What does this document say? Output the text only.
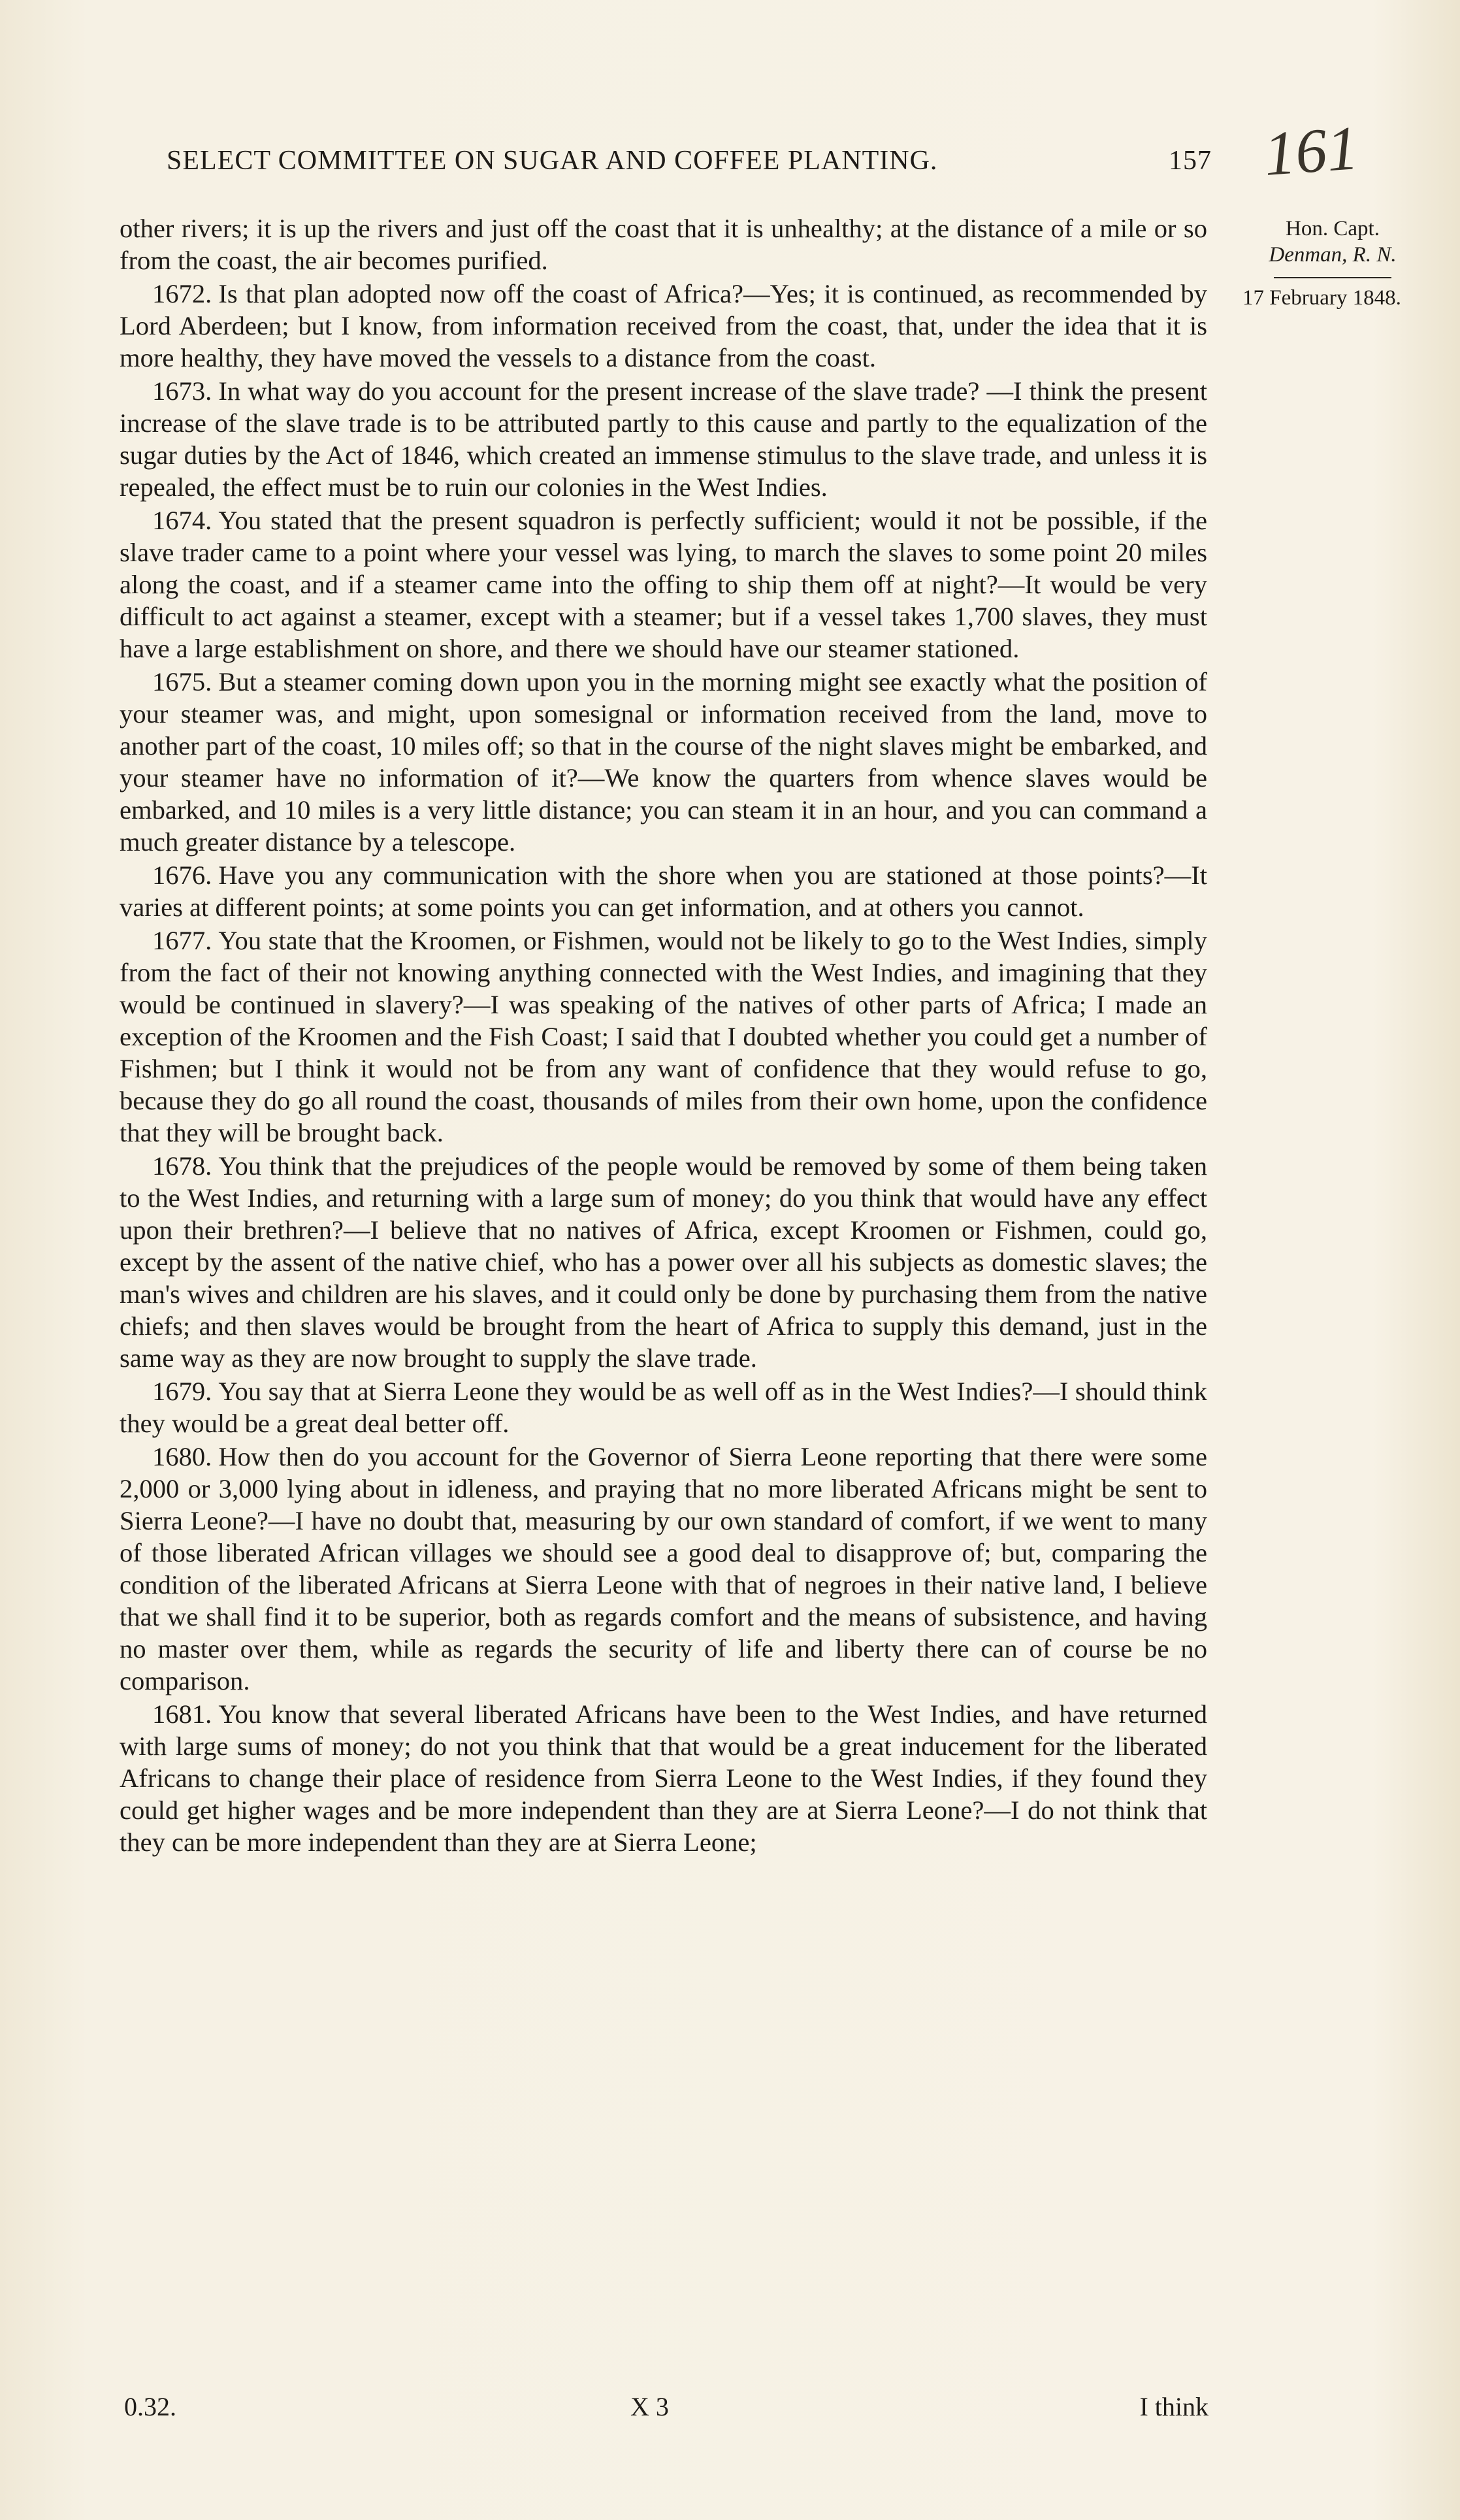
SELECT COMMITTEE ON SUGAR AND COFFEE PLANTING.	157 161
Hon. Capt.
Denman, R. N.
17 February 1848.

other rivers; it is up the rivers and just off the coast that it is unhealthy; at the distance of a mile or so from the coast, the air becomes purified.

1672. Is that plan adopted now off the coast of Africa?—Yes; it is continued, as recommended by Lord Aberdeen; but I know, from information received from the coast, that, under the idea that it is more healthy, they have moved the vessels to a distance from the coast.

1673. In what way do you account for the present increase of the slave trade? —I think the present increase of the slave trade is to be attributed partly to this cause and partly to the equalization of the sugar duties by the Act of 1846, which created an immense stimulus to the slave trade, and unless it is repealed, the effect must be to ruin our colonies in the West Indies.

1674. You stated that the present squadron is perfectly sufficient; would it not be possible, if the slave trader came to a point where your vessel was lying, to march the slaves to some point 20 miles along the coast, and if a steamer came into the offing to ship them off at night?—It would be very difficult to act against a steamer, except with a steamer; but if a vessel takes 1,700 slaves, they must have a large establishment on shore, and there we should have our steamer stationed.

1675. But a steamer coming down upon you in the morning might see exactly what the position of your steamer was, and might, upon somesignal or information received from the land, move to another part of the coast, 10 miles off; so that in the course of the night slaves might be embarked, and your steamer have no information of it?—We know the quarters from whence slaves would be embarked, and 10 miles is a very little distance; you can steam it in an hour, and you can command a much greater distance by a telescope.

1676. Have you any communication with the shore when you are stationed at those points?—It varies at different points; at some points you can get information, and at others you cannot.

1677. You state that the Kroomen, or Fishmen, would not be likely to go to the West Indies, simply from the fact of their not knowing anything connected with the West Indies, and imagining that they would be continued in slavery?—I was speaking of the natives of other parts of Africa; I made an exception of the Kroomen and the Fish Coast; I said that I doubted whether you could get a number of Fishmen; but I think it would not be from any want of confidence that they would refuse to go, because they do go all round the coast, thousands of miles from their own home, upon the confidence that they will be brought back.

1678. You think that the prejudices of the people would be removed by some of them being taken to the West Indies, and returning with a large sum of money; do you think that would have any effect upon their brethren?—I believe that no natives of Africa, except Kroomen or Fishmen, could go, except by the assent of the native chief, who has a power over all his subjects as domestic slaves; the man's wives and children are his slaves, and it could only be done by purchasing them from the native chiefs; and then slaves would be brought from the heart of Africa to supply this demand, just in the same way as they are now brought to supply the slave trade.

1679. You say that at Sierra Leone they would be as well off as in the West Indies?—I should think they would be a great deal better off.

1680. How then do you account for the Governor of Sierra Leone reporting that there were some 2,000 or 3,000 lying about in idleness, and praying that no more liberated Africans might be sent to Sierra Leone?—I have no doubt that, measuring by our own standard of comfort, if we went to many of those liberated African villages we should see a good deal to disapprove of; but, comparing the condition of the liberated Africans at Sierra Leone with that of negroes in their native land, I believe that we shall find it to be superior, both as regards comfort and the means of subsistence, and having no master over them, while as regards the security of life and liberty there can of course be no comparison.

1681. You know that several liberated Africans have been to the West Indies, and have returned with large sums of money; do not you think that that would be a great inducement for the liberated Africans to change their place of residence from Sierra Leone to the West Indies, if they found they could get higher wages and be more independent than they are at Sierra Leone?—I do not think that they can be more independent than they are at Sierra Leone;

0.32.	X 3	I think
